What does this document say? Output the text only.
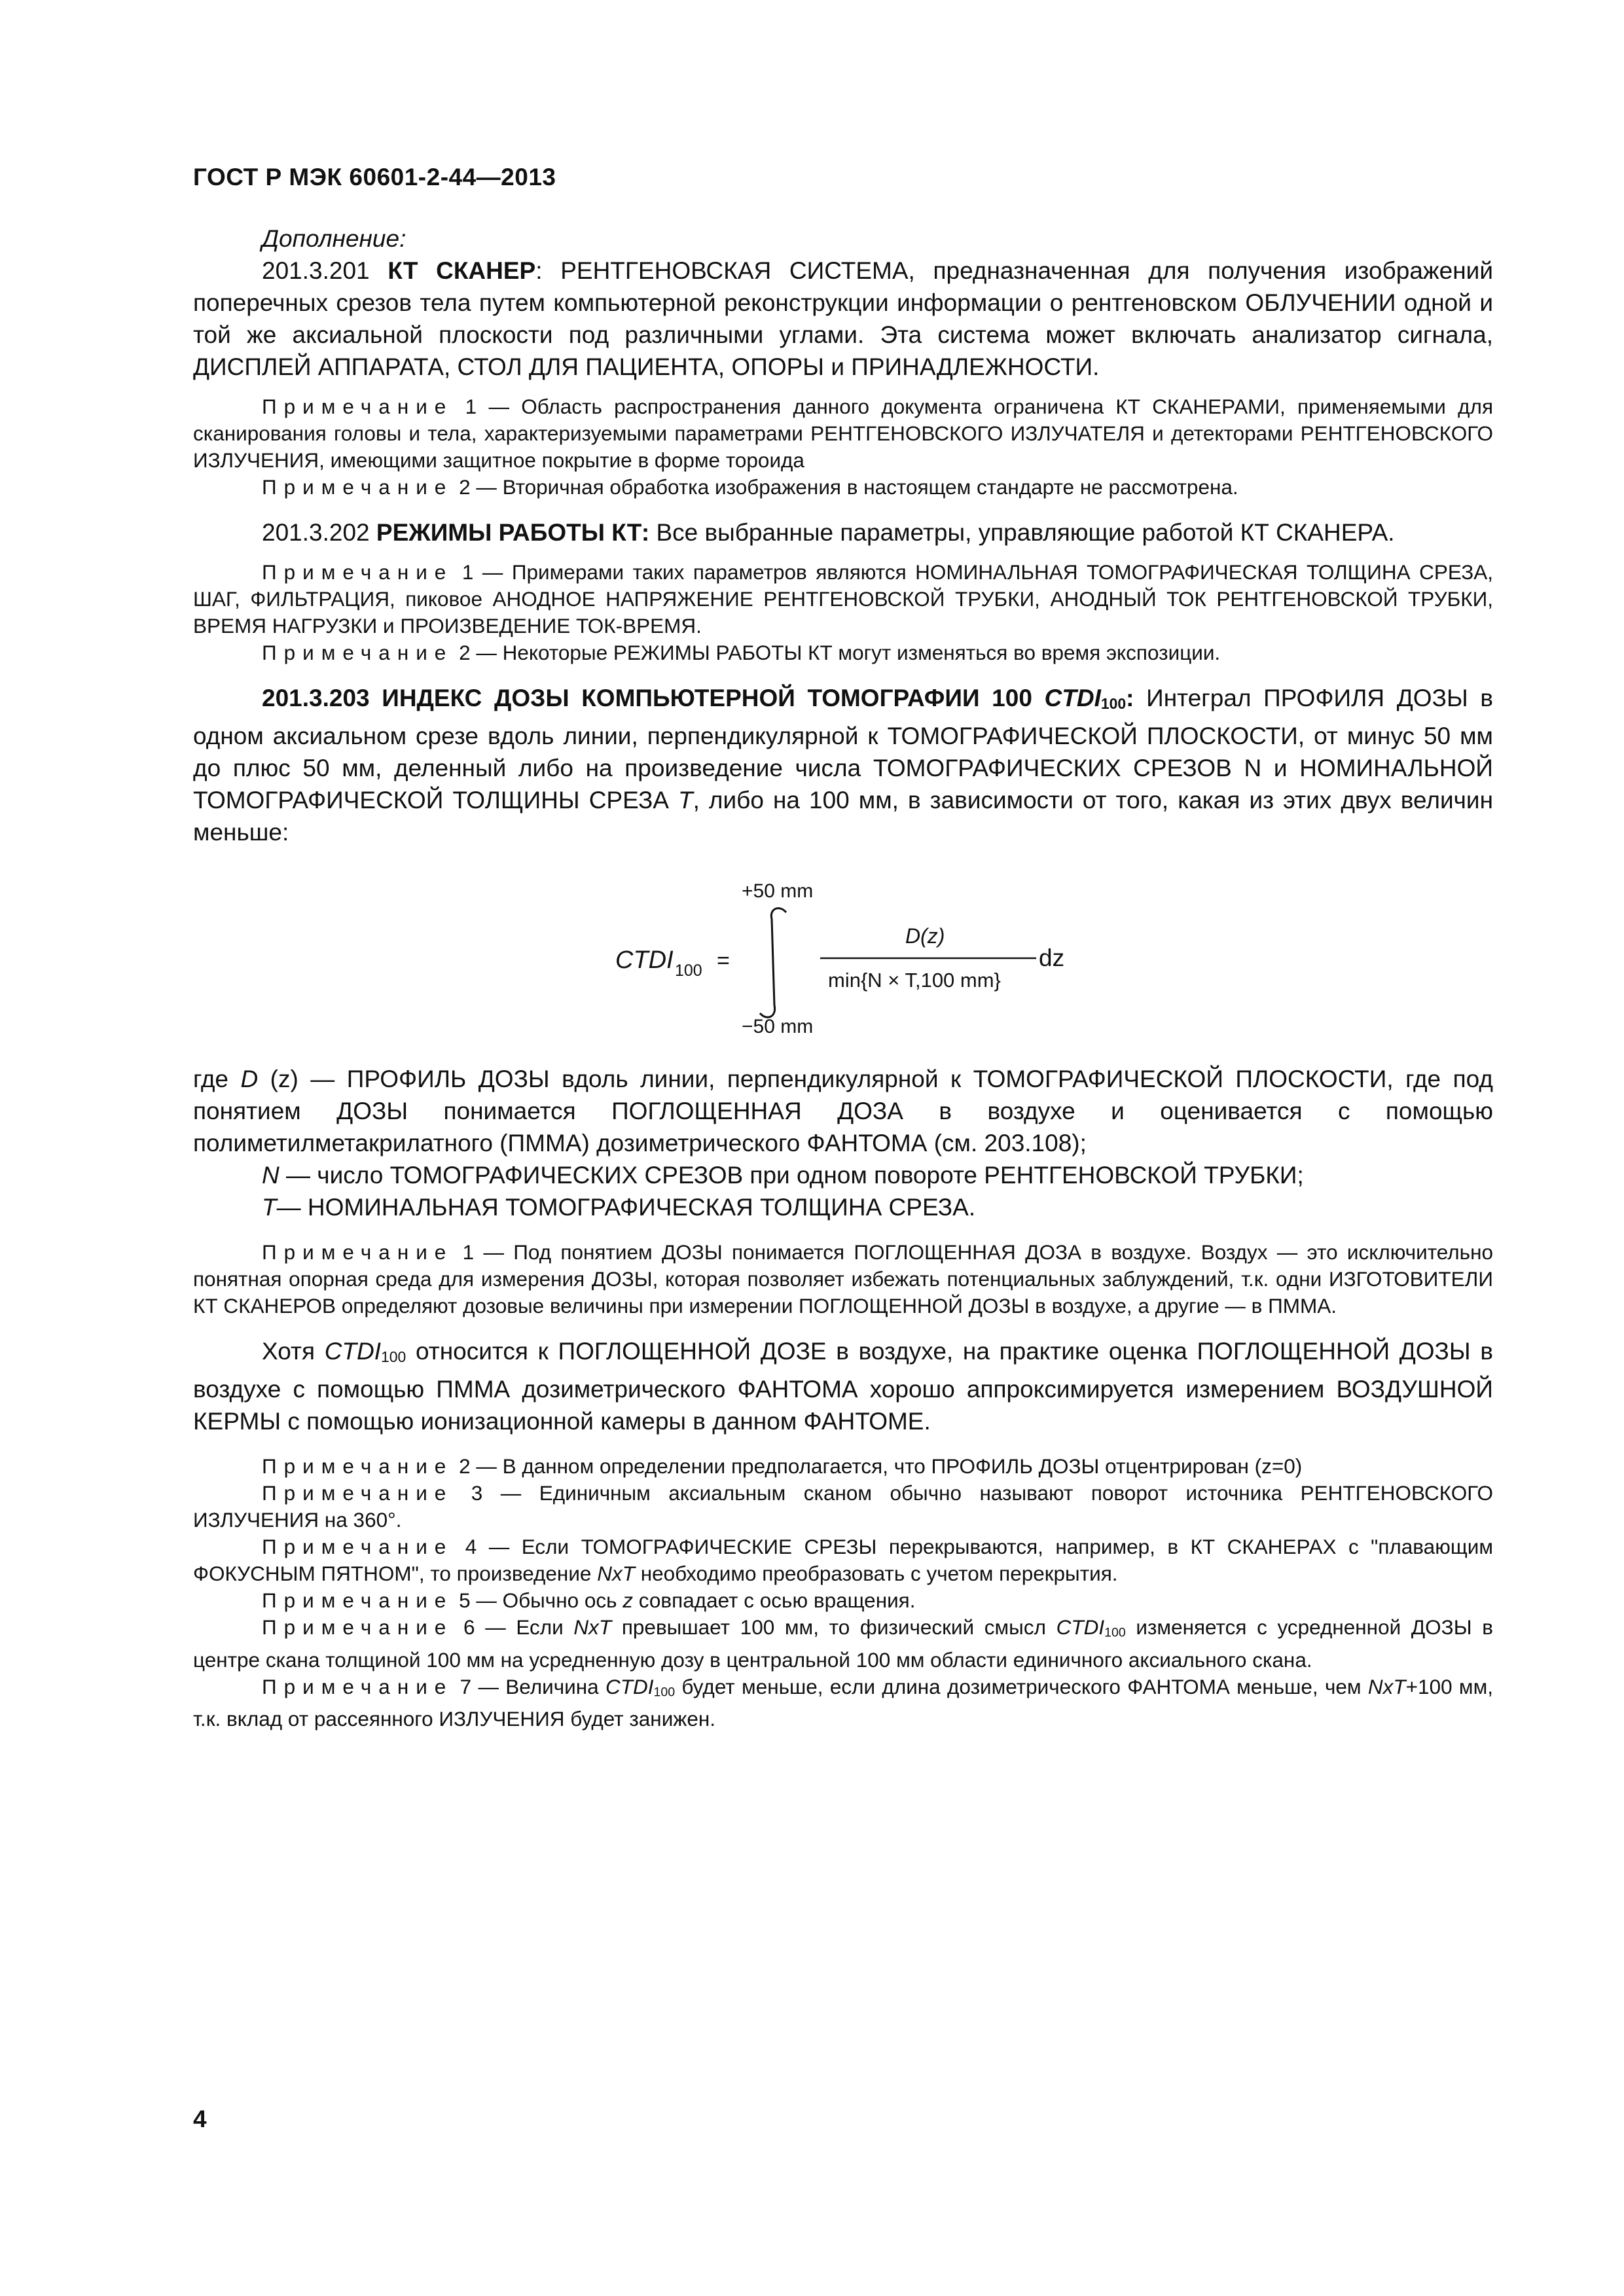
ГОСТ Р МЭК 60601-2-44—2013

Дополнение:

201.3.201 КТ СКАНЕР: РЕНТГЕНОВСКАЯ СИСТЕМА, предназначенная для получения изображений поперечных срезов тела путем компьютерной реконструкции информации о рентгеновском ОБЛУЧЕНИИ одной и той же аксиальной плоскости под различными углами. Эта система может включать анализатор сигнала, ДИСПЛЕЙ АППАРАТА, СТОЛ ДЛЯ ПАЦИЕНТА, ОПОРЫ и ПРИНАДЛЕЖНОСТИ.

Примечание 1 — Область распространения данного документа ограничена КТ СКАНЕРАМИ, применяемыми для сканирования головы и тела, характеризуемыми параметрами РЕНТГЕНОВСКОГО ИЗЛУЧАТЕЛЯ и детекторами РЕНТГЕНОВСКОГО ИЗЛУЧЕНИЯ, имеющими защитное покрытие в форме тороида

Примечание 2 — Вторичная обработка изображения в настоящем стандарте не рассмотрена.

201.3.202 РЕЖИМЫ РАБОТЫ КТ: Все выбранные параметры, управляющие работой КТ СКАНЕРА.

Примечание 1 — Примерами таких параметров являются НОМИНАЛЬНАЯ ТОМОГРАФИЧЕСКАЯ ТОЛЩИНА СРЕЗА, ШАГ, ФИЛЬТРАЦИЯ, пиковое АНОДНОЕ НАПРЯЖЕНИЕ РЕНТГЕНОВСКОЙ ТРУБКИ, АНОДНЫЙ ТОК РЕНТГЕНОВСКОЙ ТРУБКИ, ВРЕМЯ НАГРУЗКИ и ПРОИЗВЕДЕНИЕ ТОК-ВРЕМЯ.

Примечание 2 — Некоторые РЕЖИМЫ РАБОТЫ КТ могут изменяться во время экспозиции.

201.3.203 ИНДЕКС ДОЗЫ КОМПЬЮТЕРНОЙ ТОМОГРАФИИ 100 CTDI100: Интеграл ПРОФИЛЯ ДОЗЫ в одном аксиальном срезе вдоль линии, перпендикулярной к ТОМОГРАФИЧЕСКОЙ ПЛОСКОСТИ, от минус 50 мм до плюс 50 мм, деленный либо на произведение числа ТОМОГРАФИЧЕСКИХ СРЕЗОВ N и НОМИНАЛЬНОЙ ТОМОГРАФИЧЕСКОЙ ТОЛЩИНЫ СРЕЗА T, либо на 100 мм, в зависимости от того, какая из этих двух величин меньше:

CTDI 100 =
+50 mm
−50 mm
D(z)
min{N × T,100 mm}
dz

где D (z) — ПРОФИЛЬ ДОЗЫ вдоль линии, перпендикулярной к ТОМОГРАФИЧЕСКОЙ ПЛОСКОСТИ, где под понятием ДОЗЫ понимается ПОГЛОЩЕННАЯ ДОЗА в воздухе и оценивается с помощью полиметилметакрилатного (ПММА) дозиметрического ФАНТОМА (см. 203.108);

N — число ТОМОГРАФИЧЕСКИХ СРЕЗОВ при одном повороте РЕНТГЕНОВСКОЙ ТРУБКИ;

T— НОМИНАЛЬНАЯ ТОМОГРАФИЧЕСКАЯ ТОЛЩИНА СРЕЗА.

Примечание 1 — Под понятием ДОЗЫ понимается ПОГЛОЩЕННАЯ ДОЗА в воздухе. Воздух — это исключительно понятная опорная среда для измерения ДОЗЫ, которая позволяет избежать потенциальных заблуждений, т.к. одни ИЗГОТОВИТЕЛИ КТ СКАНЕРОВ определяют дозовые величины при измерении ПОГЛОЩЕННОЙ ДОЗЫ в воздухе, а другие — в ПММА.

Хотя CTDI100 относится к ПОГЛОЩЕННОЙ ДОЗЕ в воздухе, на практике оценка ПОГЛОЩЕННОЙ ДОЗЫ в воздухе с помощью ПММА дозиметрического ФАНТОМА хорошо аппроксимируется измерением ВОЗДУШНОЙ КЕРМЫ с помощью ионизационной камеры в данном ФАНТОМЕ.

Примечание 2 — В данном определении предполагается, что ПРОФИЛЬ ДОЗЫ отцентрирован (z=0)

Примечание 3 — Единичным аксиальным сканом обычно называют поворот источника РЕНТГЕНОВСКОГО ИЗЛУЧЕНИЯ на 360°.

Примечание 4 — Если ТОМОГРАФИЧЕСКИЕ СРЕЗЫ перекрываются, например, в КТ СКАНЕРАХ с "плавающим ФОКУСНЫМ ПЯТНОМ", то произведение NxT необходимо преобразовать с учетом перекрытия.

Примечание 5 — Обычно ось z совпадает с осью вращения.

Примечание 6 — Если NxT превышает 100 мм, то физический смысл CTDI100 изменяется с усредненной ДОЗЫ в центре скана толщиной 100 мм на усредненную дозу в центральной 100 мм области единичного аксиального скана.

Примечание 7 — Величина CTDI100 будет меньше, если длина дозиметрического ФАНТОМА меньше, чем NxT+100 мм, т.к. вклад от рассеянного ИЗЛУЧЕНИЯ будет занижен.

4
